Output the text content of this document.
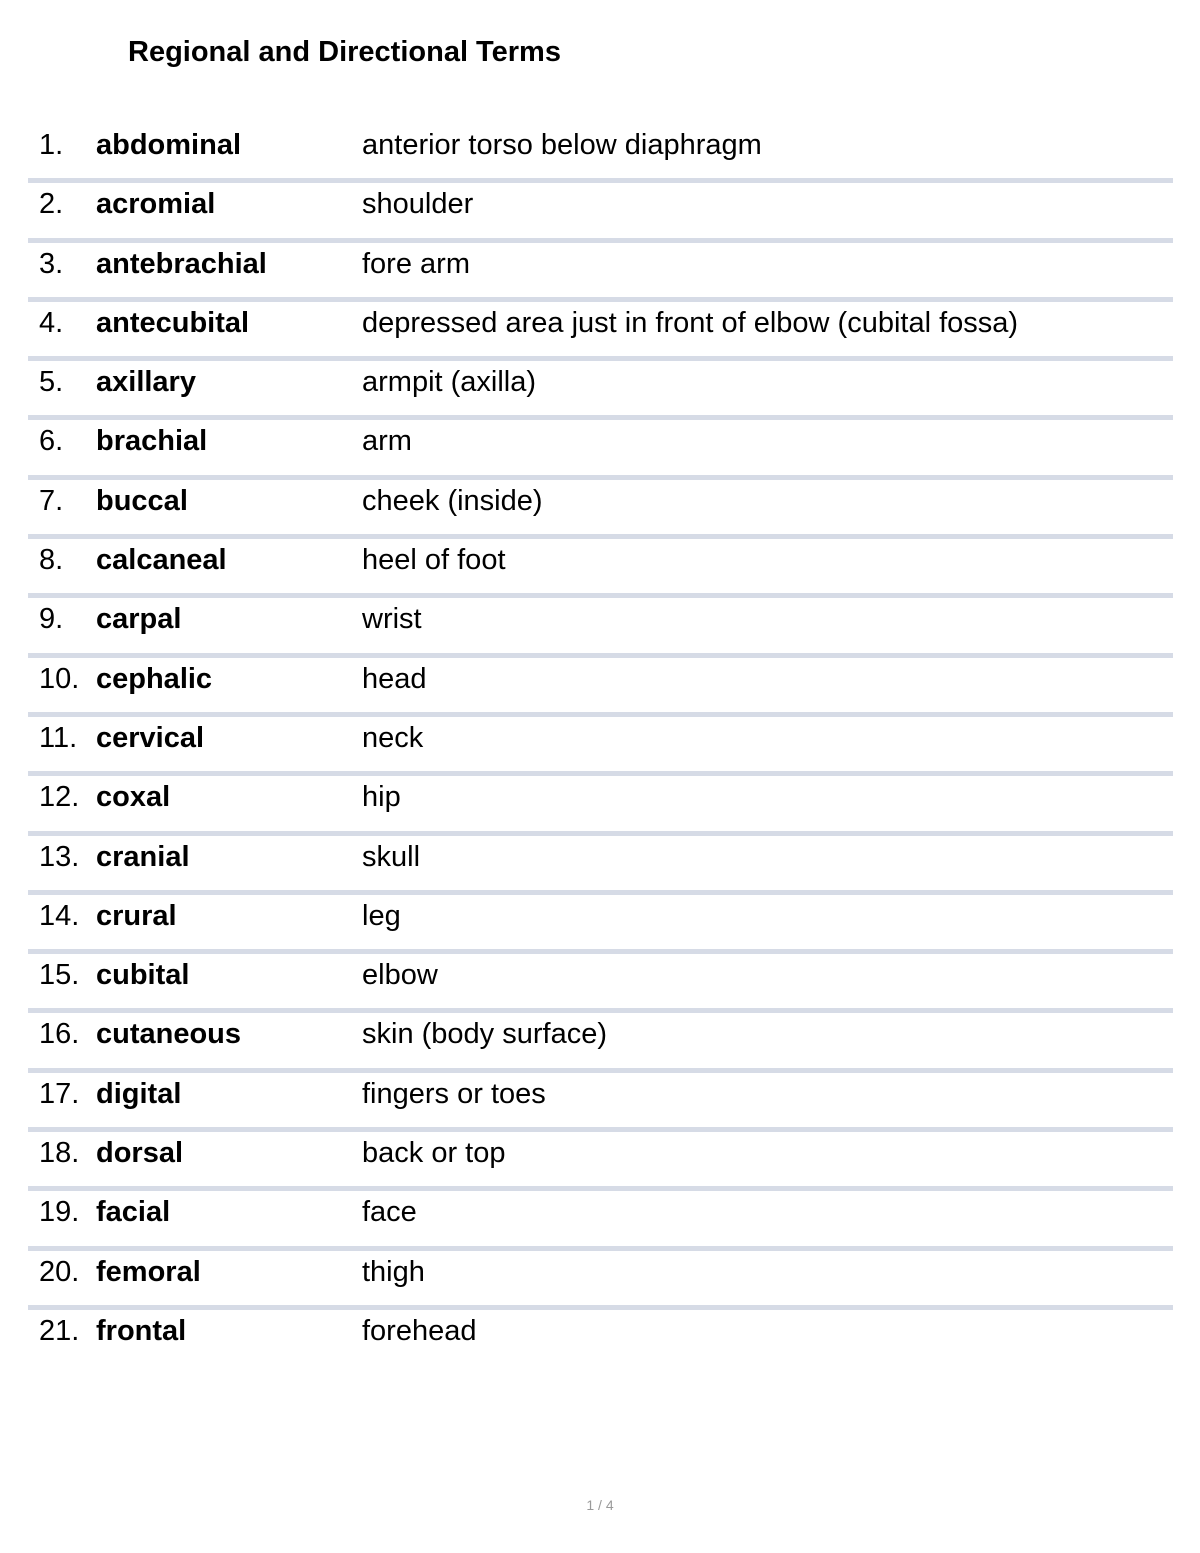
Regional and Directional Terms
1. abdominal	anterior torso below diaphragm
2. acromial	shoulder
3. antebrachial	fore arm
4. antecubital	depressed area just in front of elbow (cubital fossa)
5. axillary	armpit (axilla)
6. brachial	arm
7. buccal	cheek (inside)
8. calcaneal	heel of foot
9. carpal	wrist
10. cephalic	head
11. cervical	neck
12. coxal	hip
13. cranial	skull
14. crural	leg
15. cubital	elbow
16. cutaneous	skin (body surface)
17. digital	fingers or toes
18. dorsal	back or top
19. facial	face
20. femoral	thigh
21. frontal	forehead
1 / 4
